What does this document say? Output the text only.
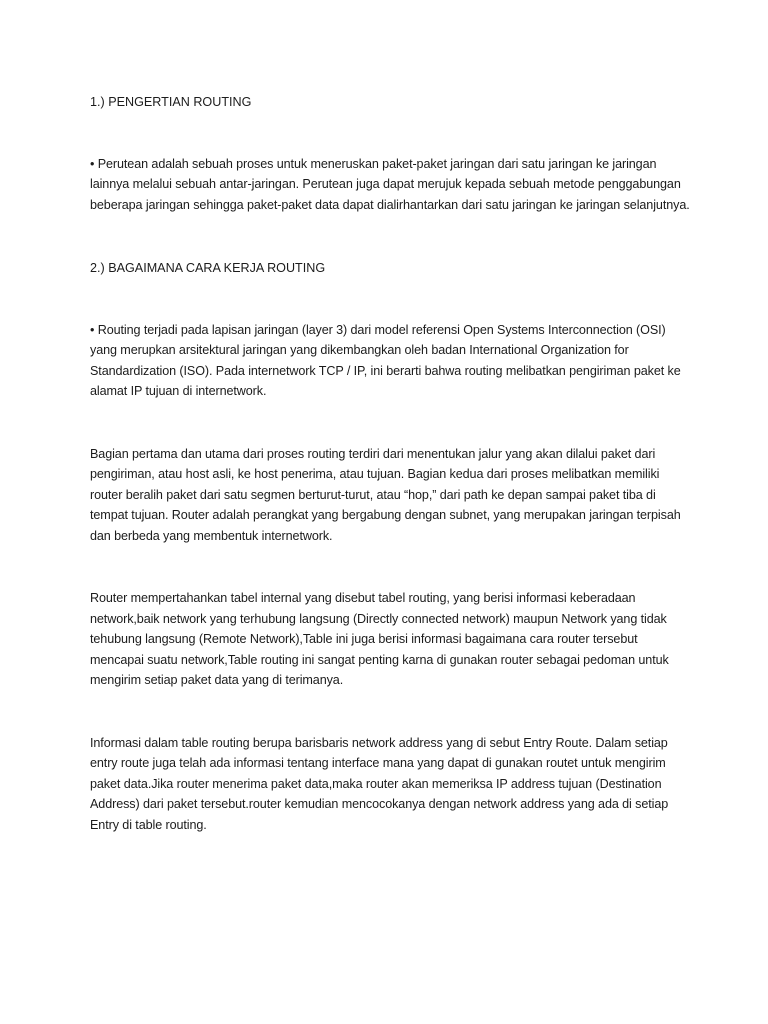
1.) PENGERTIAN ROUTING

• Perutean adalah sebuah proses untuk meneruskan paket-paket jaringan dari satu jaringan ke jaringan lainnya melalui sebuah antar-jaringan. Perutean juga dapat merujuk kepada sebuah metode penggabungan beberapa jaringan sehingga paket-paket data dapat dialirhantarkan dari satu jaringan ke jaringan selanjutnya.

2.) BAGAIMANA CARA KERJA ROUTING

• Routing terjadi pada lapisan jaringan (layer 3) dari model referensi Open Systems Interconnection (OSI) yang merupkan arsitektural jaringan yang dikembangkan oleh badan International Organization for Standardization (ISO). Pada internetwork TCP / IP, ini berarti bahwa routing melibatkan pengiriman paket ke alamat IP tujuan di internetwork.

Bagian pertama dan utama dari proses routing terdiri dari menentukan jalur yang akan dilalui paket dari pengiriman, atau host asli, ke host penerima, atau tujuan. Bagian kedua dari proses melibatkan memiliki router beralih paket dari satu segmen berturut-turut, atau “hop,” dari path ke depan sampai paket tiba di tempat tujuan. Router adalah perangkat yang bergabung dengan subnet, yang merupakan jaringan terpisah dan berbeda yang membentuk internetwork.

Router mempertahankan tabel internal yang disebut tabel routing, yang berisi informasi keberadaan network,baik network yang terhubung langsung (Directly connected network) maupun Network yang tidak tehubung langsung (Remote Network),Table ini juga berisi informasi bagaimana cara router tersebut mencapai suatu network,Table routing ini sangat penting karna di gunakan router sebagai pedoman untuk mengirim setiap paket data yang di terimanya.

Informasi dalam table routing berupa barisbaris network address yang di sebut Entry Route. Dalam setiap entry route juga telah ada informasi tentang interface mana yang dapat di gunakan routet untuk mengirim paket data.Jika router menerima paket data,maka router akan memeriksa IP address tujuan (Destination Address) dari paket tersebut.router kemudian mencocokanya dengan network address yang ada di setiap Entry di table routing.
